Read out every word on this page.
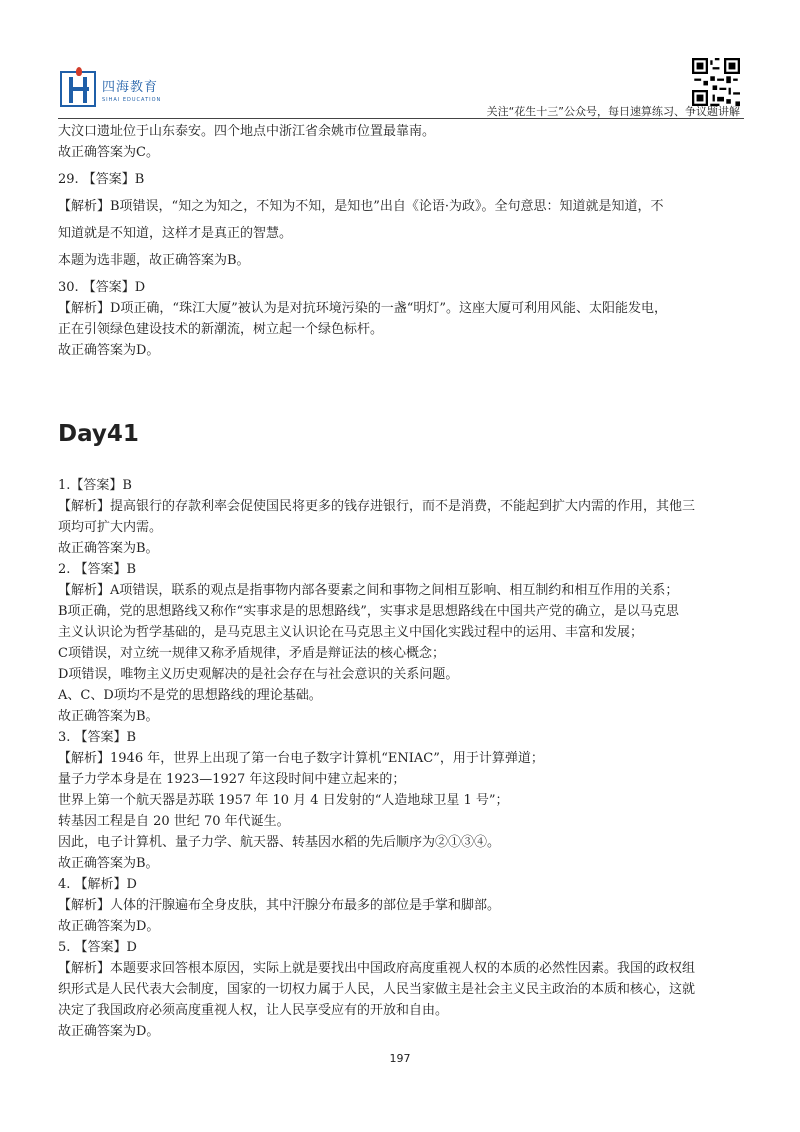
四海教育
SIHAI EDUCATION
关注“花生十三”公众号，每日速算练习、争议题讲解
大汶口遗址位于山东泰安。四个地点中浙江省余姚市位置最靠南。
故正确答案为C。
29. 【答案】B
【解析】B项错误，“知之为知之，不知为不知，是知也”出自《论语·为政》。全句意思：知道就是知道，不
知道就是不知道，这样才是真正的智慧。
本题为选非题，故正确答案为B。
30. 【答案】D
【解析】D项正确，“珠江大厦”被认为是对抗环境污染的一盏“明灯”。这座大厦可利用风能、太阳能发电，
正在引领绿色建设技术的新潮流，树立起一个绿色标杆。
故正确答案为D。
Day41
1.【答案】B
【解析】提高银行的存款利率会促使国民将更多的钱存进银行，而不是消费，不能起到扩大内需的作用，其他三
项均可扩大内需。
故正确答案为B。
2. 【答案】B
【解析】A项错误，联系的观点是指事物内部各要素之间和事物之间相互影响、相互制约和相互作用的关系；
B项正确，党的思想路线又称作“实事求是的思想路线”，实事求是思想路线在中国共产党的确立，是以马克思
主义认识论为哲学基础的，是马克思主义认识论在马克思主义中国化实践过程中的运用、丰富和发展；
C项错误，对立统一规律又称矛盾规律，矛盾是辩证法的核心概念；
D项错误，唯物主义历史观解决的是社会存在与社会意识的关系问题。
A、C、D项均不是党的思想路线的理论基础。
故正确答案为B。
3. 【答案】B
【解析】1946 年，世界上出现了第一台电子数字计算机“ENIAC”，用于计算弹道；
量子力学本身是在 1923—1927 年这段时间中建立起来的；
世界上第一个航天器是苏联 1957 年 10 月 4 日发射的“人造地球卫星 1 号”；
转基因工程是自 20 世纪 70 年代诞生。
因此，电子计算机、量子力学、航天器、转基因水稻的先后顺序为②①③④。
故正确答案为B。
4. 【解析】D
【解析】人体的汗腺遍布全身皮肤，其中汗腺分布最多的部位是手掌和脚部。
故正确答案为D。
5. 【答案】D
【解析】本题要求回答根本原因，实际上就是要找出中国政府高度重视人权的本质的必然性因素。我国的政权组
织形式是人民代表大会制度，国家的一切权力属于人民，人民当家做主是社会主义民主政治的本质和核心，这就
决定了我国政府必须高度重视人权，让人民享受应有的开放和自由。
故正确答案为D。
197
